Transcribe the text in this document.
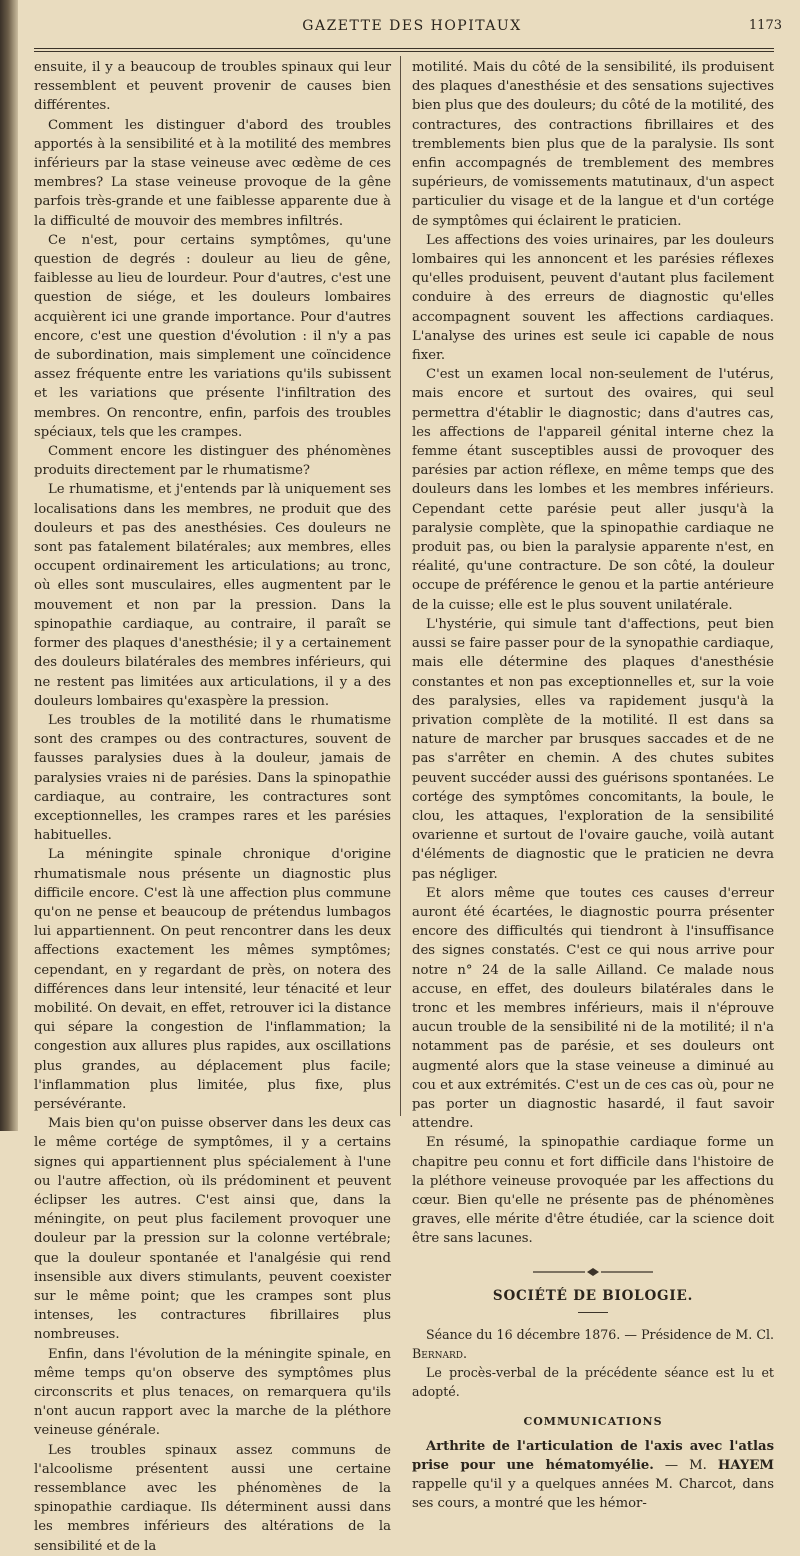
GAZETTE DES HOPITAUX	1173

ensuite, il y a beaucoup de troubles spinaux qui leur ressemblent et peuvent provenir de causes bien différentes.

Comment les distinguer d'abord des troubles apportés à la sensibilité et à la motilité des membres inférieurs par la stase veineuse avec œdème de ces membres? La stase veineuse provoque de la gêne parfois très-grande et une faiblesse apparente due à la difficulté de mouvoir des membres infiltrés.

Ce n'est, pour certains symptômes, qu'une question de degrés : douleur au lieu de gêne, faiblesse au lieu de lourdeur. Pour d'autres, c'est une question de siége, et les douleurs lombaires acquièrent ici une grande importance. Pour d'autres encore, c'est une question d'évolution : il n'y a pas de subordination, mais simplement une coïncidence assez fréquente entre les variations qu'ils subissent et les variations que présente l'infiltration des membres. On rencontre, enfin, parfois des troubles spéciaux, tels que les crampes.

Comment encore les distinguer des phénomènes produits directement par le rhumatisme?

Le rhumatisme, et j'entends par là uniquement ses localisations dans les membres, ne produit que des douleurs et pas des anesthésies. Ces douleurs ne sont pas fatalement bilatérales; aux membres, elles occupent ordinairement les articulations; au tronc, où elles sont musculaires, elles augmentent par le mouvement et non par la pression. Dans la spinopathie cardiaque, au contraire, il paraît se former des plaques d'anesthésie; il y a certainement des douleurs bilatérales des membres inférieurs, qui ne restent pas limitées aux articulations, il y a des douleurs lombaires qu'exaspère la pression.

Les troubles de la motilité dans le rhumatisme sont des crampes ou des contractures, souvent de fausses paralysies dues à la douleur, jamais de paralysies vraies ni de parésies. Dans la spinopathie cardiaque, au contraire, les contractures sont exceptionnelles, les crampes rares et les parésies habituelles.

La méningite spinale chronique d'origine rhumatismale nous présente un diagnostic plus difficile encore. C'est là une affection plus commune qu'on ne pense et beaucoup de prétendus lumbagos lui appartiennent. On peut rencontrer dans les deux affections exactement les mêmes symptômes; cependant, en y regardant de près, on notera des différences dans leur intensité, leur ténacité et leur mobilité. On devait, en effet, retrouver ici la distance qui sépare la congestion de l'inflammation; la congestion aux allures plus rapides, aux oscillations plus grandes, au déplacement plus facile; l'inflammation plus limitée, plus fixe, plus persévérante.

Mais bien qu'on puisse observer dans les deux cas le même cortége de symptômes, il y a certains signes qui appartiennent plus spécialement à l'une ou l'autre affection, où ils prédominent et peuvent éclipser les autres. C'est ainsi que, dans la méningite, on peut plus facilement provoquer une douleur par la pression sur la colonne vertébrale; que la douleur spontanée et l'analgésie qui rend insensible aux divers stimulants, peuvent coexister sur le même point; que les crampes sont plus intenses, les contractures fibrillaires plus nombreuses.

Enfin, dans l'évolution de la méningite spinale, en même temps qu'on observe des symptômes plus circonscrits et plus tenaces, on remarquera qu'ils n'ont aucun rapport avec la marche de la pléthore veineuse générale.

Les troubles spinaux assez communs de l'alcoolisme présentent aussi une certaine ressemblance avec les phénomènes de la spinopathie cardiaque. Ils déterminent aussi dans les membres inférieurs des altérations de la sensibilité et de la

motilité. Mais du côté de la sensibilité, ils produisent des plaques d'anesthésie et des sensations sujectives bien plus que des douleurs; du côté de la motilité, des contractures, des contractions fibrillaires et des tremblements bien plus que de la paralysie. Ils sont enfin accompagnés de tremblement des membres supérieurs, de vomissements matutinaux, d'un aspect particulier du visage et de la langue et d'un cortége de symptômes qui éclairent le praticien.

Les affections des voies urinaires, par les douleurs lombaires qui les annoncent et les parésies réflexes qu'elles produisent, peuvent d'autant plus facilement conduire à des erreurs de diagnostic qu'elles accompagnent souvent les affections cardiaques. L'analyse des urines est seule ici capable de nous fixer.

C'est un examen local non-seulement de l'utérus, mais encore et surtout des ovaires, qui seul permettra d'établir le diagnostic; dans d'autres cas, les affections de l'appareil génital interne chez la femme étant susceptibles aussi de provoquer des parésies par action réflexe, en même temps que des douleurs dans les lombes et les membres inférieurs. Cependant cette parésie peut aller jusqu'à la paralysie complète, que la spinopathie cardiaque ne produit pas, ou bien la paralysie apparente n'est, en réalité, qu'une contracture. De son côté, la douleur occupe de préférence le genou et la partie antérieure de la cuisse; elle est le plus souvent unilatérale.

L'hystérie, qui simule tant d'affections, peut bien aussi se faire passer pour de la synopathie cardiaque, mais elle détermine des plaques d'anesthésie constantes et non pas exceptionnelles et, sur la voie des paralysies, elles va rapidement jusqu'à la privation complète de la motilité. Il est dans sa nature de marcher par brusques saccades et de ne pas s'arrêter en chemin. A des chutes subites peuvent succéder aussi des guérisons spontanées. Le cortége des symptômes concomitants, la boule, le clou, les attaques, l'exploration de la sensibilité ovarienne et surtout de l'ovaire gauche, voilà autant d'éléments de diagnostic que le praticien ne devra pas négliger.

Et alors même que toutes ces causes d'erreur auront été écartées, le diagnostic pourra présenter encore des difficultés qui tiendront à l'insuffisance des signes constatés. C'est ce qui nous arrive pour notre n° 24 de la salle Ailland. Ce malade nous accuse, en effet, des douleurs bilatérales dans le tronc et les membres inférieurs, mais il n'éprouve aucun trouble de la sensibilité ni de la motilité; il n'a notamment pas de parésie, et ses douleurs ont augmenté alors que la stase veineuse a diminué au cou et aux extrémités. C'est un de ces cas où, pour ne pas porter un diagnostic hasardé, il faut savoir attendre.

En résumé, la spinopathie cardiaque forme un chapitre peu connu et fort difficile dans l'histoire de la pléthore veineuse provoquée par les affections du cœur. Bien qu'elle ne présente pas de phénomènes graves, elle mérite d'être étudiée, car la science doit être sans lacunes.

SOCIÉTÉ DE BIOLOGIE.

Séance du 16 décembre 1876. — Présidence de M. Cl. Bernard.

Le procès-verbal de la précédente séance est lu et adopté.

COMMUNICATIONS

Arthrite de l'articulation de l'axis avec l'atlas prise pour une hématomyélie. — M. HAYEM rappelle qu'il y a quelques années M. Charcot, dans ses cours, a montré que les hémor-
